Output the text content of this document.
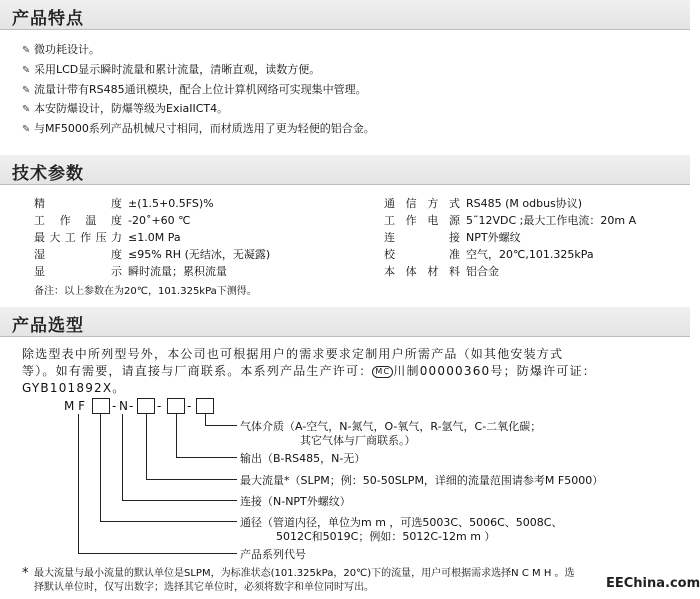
产品特点
✎ 微功耗设计。
✎ 采用LCD显示瞬时流量和累计流量，清晰直观，读数方便。
✎ 流量计带有RS485通讯模块，配合上位计算机网络可实现集中管理。
✎ 本安防爆设计，防爆等级为ExiaIICT4。
✎ 与MF5000系列产品机械尺寸相同，而材质选用了更为轻便的铝合金。
技术参数
精度 ±(1.5+0.5FS)%
工作温度 -20˚+60 ℃
最大工作压力 ≤1.0M Pa
湿度 ≤95% RH (无结冰，无凝露)
显示 瞬时流量；累积流量
通信方式 RS485 (M odbus协议)
工作电源 5˜12VDC ;最大工作电流：20m A
连接 NPT外螺纹
校准 空气，20℃,101.325kPa
本体材料 铝合金
备注：以上参数在为20℃，101.325kPa下测得。
产品选型
除选型表中所列型号外，本公司也可根据用户的需求要求定制用户所需产品（如其他安装方式
等）。如有需要，请直接与厂商联系。本系列产品生产许可： MC 川制00000360号；防爆许可证：
GYB101892X。
M F - N - - -
气体介质（A-空气，N-氮气，O-氧气，R-氩气，C-二氧化碳；
其它气体与厂商联系。）
输出（B-RS485，N-无）
最大流量*（SLPM；例：50-50SLPM，详细的流量范围请参考M F5000）
连接（N-NPT外螺纹）
通径（管道内径，单位为m m ，可选5003C、5006C、5008C、
5012C和5019C；例如：5012C-12m m ）
产品系列代号
* 最大流量与最小流量的默认单位是SLPM，为标准状态(101.325kPa，20℃)下的流量，用户可根据需求选择N C M H 。选
择默认单位时，仅写出数字；选择其它单位时，必须将数字和单位同时写出。	EEChina.com
